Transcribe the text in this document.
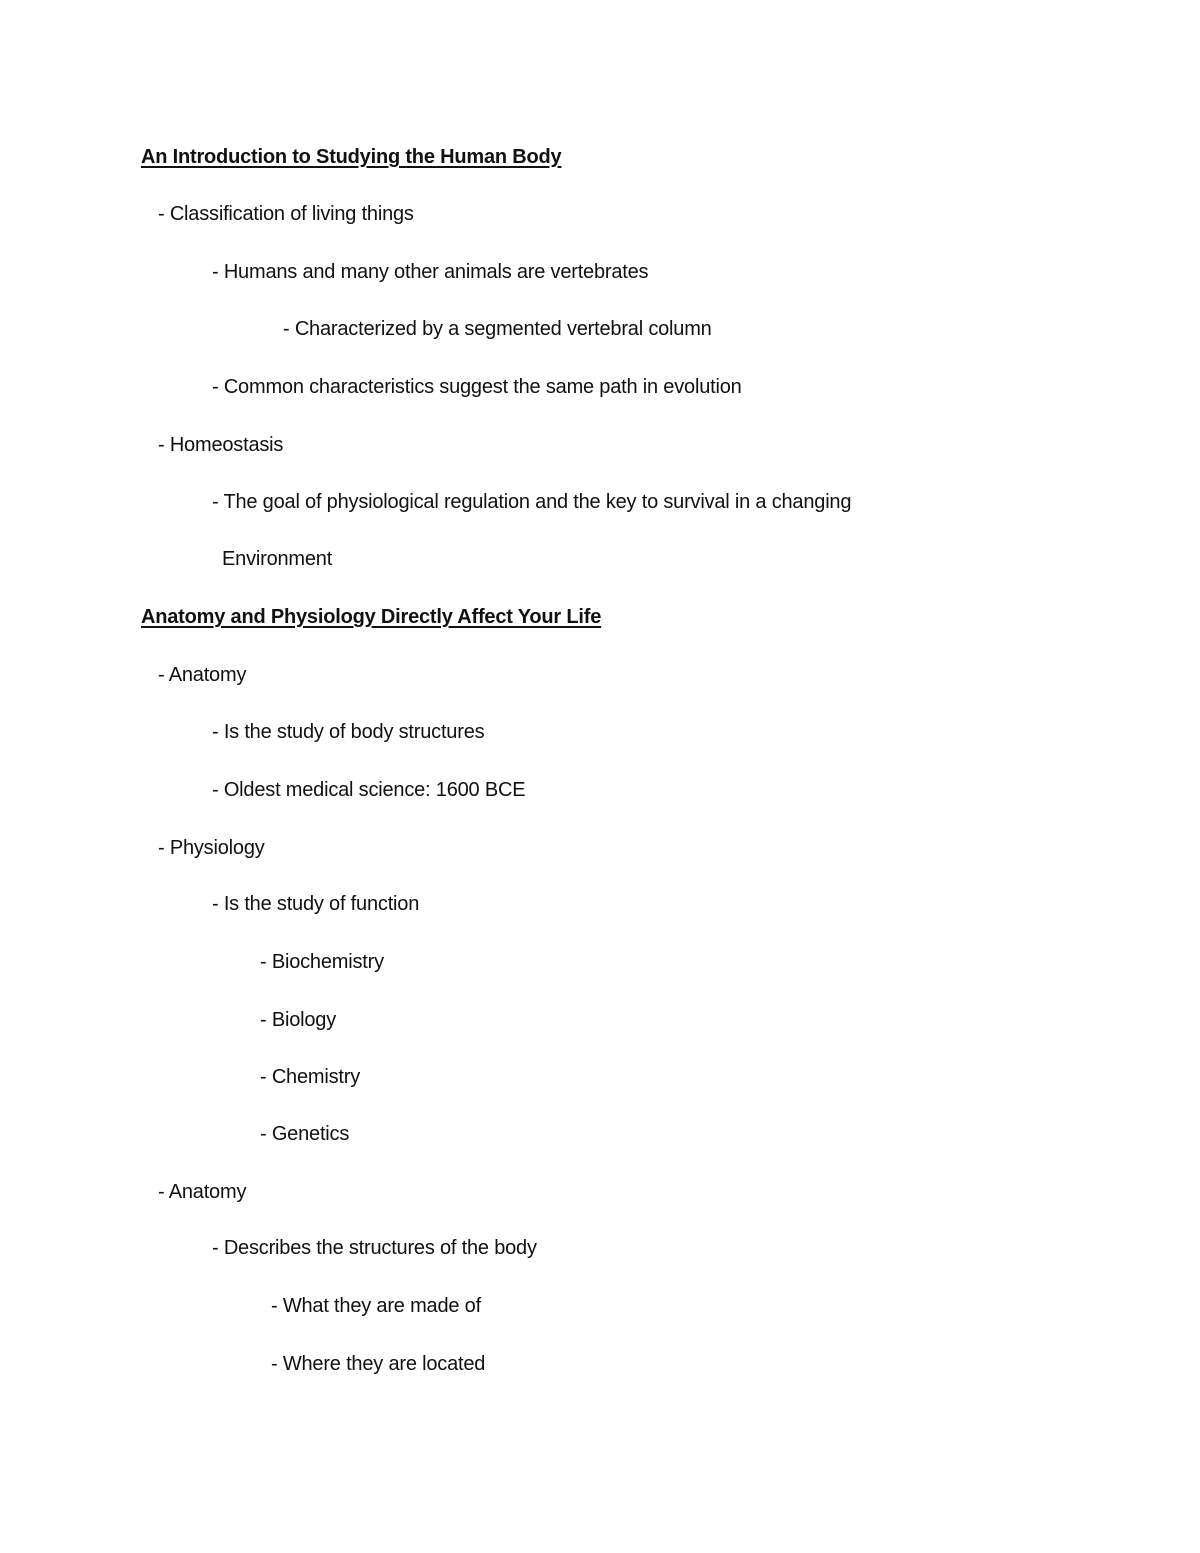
An Introduction to Studying the Human Body
- Classification of living things
- Humans and many other animals are vertebrates
- Characterized by a segmented vertebral column
- Common characteristics suggest the same path in evolution
- Homeostasis
- The goal of physiological regulation and the key to survival in a changing
Environment
Anatomy and Physiology Directly Affect Your Life
- Anatomy
- Is the study of body structures
- Oldest medical science: 1600 BCE
- Physiology
- Is the study of function
- Biochemistry
- Biology
- Chemistry
- Genetics
- Anatomy
- Describes the structures of the body
- What they are made of
- Where they are located
